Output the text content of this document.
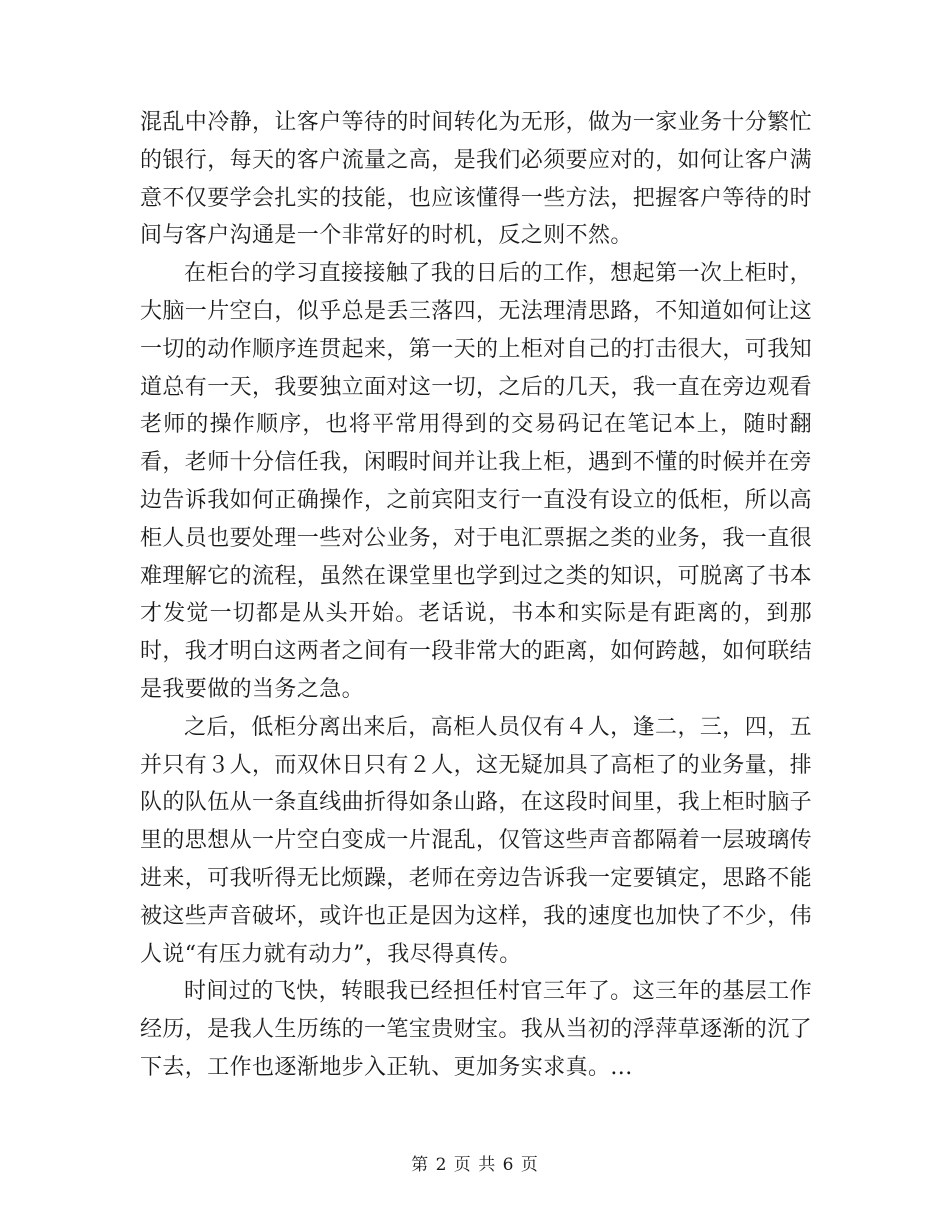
混乱中冷静，让客户等待的时间转化为无形，做为一家业务十分繁忙的银行，每天的客户流量之高，是我们必须要应对的，如何让客户满意不仅要学会扎实的技能，也应该懂得一些方法，把握客户等待的时间与客户沟通是一个非常好的时机，反之则不然。

在柜台的学习直接接触了我的日后的工作，想起第一次上柜时，大脑一片空白，似乎总是丢三落四，无法理清思路，不知道如何让这一切的动作顺序连贯起来，第一天的上柜对自己的打击很大，可我知道总有一天，我要独立面对这一切，之后的几天，我一直在旁边观看老师的操作顺序，也将平常用得到的交易码记在笔记本上，随时翻看，老师十分信任我，闲暇时间并让我上柜，遇到不懂的时候并在旁边告诉我如何正确操作，之前宾阳支行一直没有设立的低柜，所以高柜人员也要处理一些对公业务，对于电汇票据之类的业务，我一直很难理解它的流程，虽然在课堂里也学到过之类的知识，可脱离了书本才发觉一切都是从头开始。老话说，书本和实际是有距离的，到那时，我才明白这两者之间有一段非常大的距离，如何跨越，如何联结是我要做的当务之急。

之后，低柜分离出来后，高柜人员仅有４人，逢二，三，四，五并只有３人，而双休日只有２人，这无疑加具了高柜了的业务量，排队的队伍从一条直线曲折得如条山路，在这段时间里，我上柜时脑子里的思想从一片空白变成一片混乱，仅管这些声音都隔着一层玻璃传进来，可我听得无比烦躁，老师在旁边告诉我一定要镇定，思路不能被这些声音破坏，或许也正是因为这样，我的速度也加快了不少，伟人说“有压力就有动力”，我尽得真传。

时间过的飞快，转眼我已经担任村官三年了。这三年的基层工作经历，是我人生历练的一笔宝贵财宝。我从当初的浮萍草逐渐的沉了下去，工作也逐渐地步入正轨、更加务实求真。...

第 2 页 共 6 页
